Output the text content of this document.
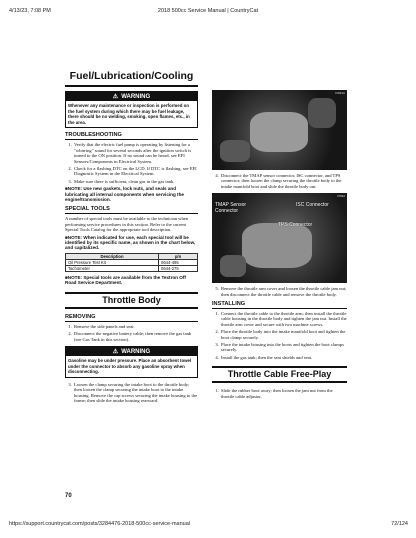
2018 500cc Service Manual | CountryCat
4/13/23, 7:08 PM
Fuel/Lubrication/Cooling
⚠ WARNING
Whenever any maintenance or inspection is performed on the fuel system during which there may be fuel leakage, there should be no welding, smoking, open flames, etc., in the area.
TROUBLESHOOTING
1. Verify that the electric fuel pump is operating by listening for a "whirring" sound for several seconds after the ignition switch is turned to the ON position. If no sound can be heard, see EFI Sensors/Components in Electrical System.
2. Check for a flashing DTC on the LCD. If DTC is flashing, see EFI Diagnostic System in the Electrical System.
3. Make sure there is sufficient, clean gas in the gas tank.

■NOTE: Use new gaskets, lock nuts, and seals and lubricating all internal components when servicing the engine/transmission.

SPECIAL TOOLS

A number of special tools must be available to the technician when performing service procedures in this section. Refer to the current Special Tools Catalog for the appropriate tool description.

■NOTE: When indicated for use, each special tool will be identified by its specific name, as shown in the chart below, and capitalized.

Description	p/n
Oil Pressure Test Kit	0644-495
Tachometer	0644-275

■NOTE: Special tools are available from the Textron Off Road Service Department.

Throttle Body
REMOVING
1. Remove the side panels and seat.
2. Disconnect the negative battery cable; then remove the gas tank (see Gas Tank in this section).
⚠ WARNING
Gasoline may be under pressure. Place an absorbent towel under the connector to absorb any gasoline spray when disconnecting.
3. Loosen the clamp securing the intake boot to the throttle body; then loosen the clamp securing the intake boot to the intake housing. Remove the cap screws securing the intake housing to the frame; then slide the intake housing rearward.
70
FI691A
4. Disconnect the TMAP sensor connector, ISC connector, and TPS connector; then loosen the clamp securing the throttle body to the intake manifold boot and slide the throttle body out.
FI692
TMAP Sensor Connector
ISC Connector
TPS Connector
5. Remove the throttle arm cover and loosen the throttle cable jam nut; then disconnect the throttle cable and remove the throttle body.
INSTALLING
1. Connect the throttle cable to the throttle arm; then install the throttle cable housing in the throttle body and tighten the jam nut. Install the throttle arm cover and secure with two machine screws.
2. Place the throttle body into the intake manifold boot and tighten the boot clamp securely.
3. Place the intake housing into the boots and tighten the boot clamps securely.
4. Install the gas tank; then the seat shields and seat.
Throttle Cable Free-Play
1. Slide the rubber boot away; then loosen the jam nut from the throttle cable adjuster.
https://support.countrycat.com/posts/3284476-2018-500cc-service-manual	72/124
